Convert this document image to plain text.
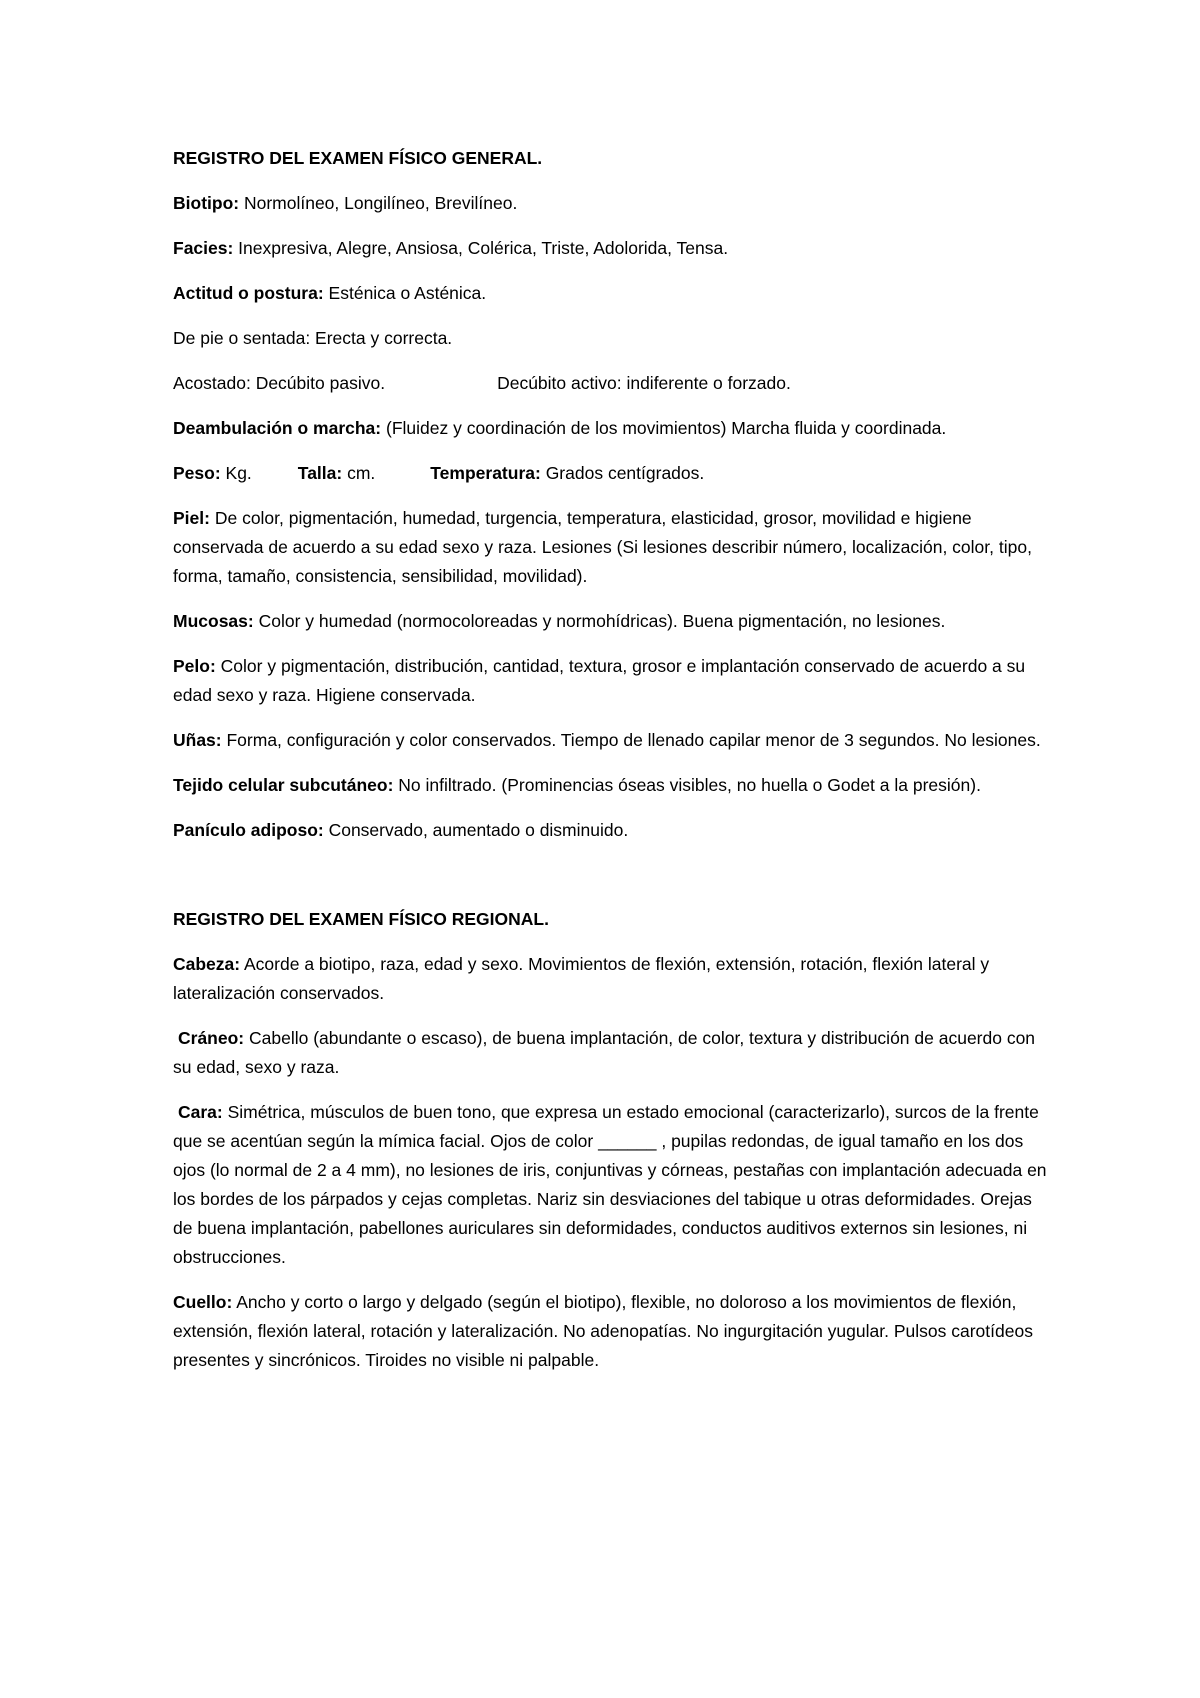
REGISTRO DEL EXAMEN FÍSICO GENERAL.

Biotipo: Normolíneo, Longilíneo, Brevilíneo.

Facies: Inexpresiva, Alegre, Ansiosa, Colérica, Triste, Adolorida, Tensa.

Actitud o postura: Esténica o Asténica.

De pie o sentada: Erecta y correcta.

Acostado: Decúbito pasivo.	Decúbito activo: indiferente o forzado.

Deambulación o marcha: (Fluidez y coordinación de los movimientos) Marcha fluida y coordinada.

Peso: Kg.	Talla: cm.	Temperatura: Grados centígrados.

Piel: De color, pigmentación, humedad, turgencia, temperatura, elasticidad, grosor, movilidad e higiene conservada de acuerdo a su edad sexo y raza. Lesiones (Si lesiones describir número, localización, color, tipo, forma, tamaño, consistencia, sensibilidad, movilidad).

Mucosas: Color y humedad (normocoloreadas y normohídricas). Buena pigmentación, no lesiones.

Pelo: Color y pigmentación, distribución, cantidad, textura, grosor e implantación conservado de acuerdo a su edad sexo y raza. Higiene conservada.

Uñas: Forma, configuración y color conservados. Tiempo de llenado capilar menor de 3 segundos. No lesiones.

Tejido celular subcutáneo: No infiltrado. (Prominencias óseas visibles, no huella o Godet a la presión).

Panículo adiposo: Conservado, aumentado o disminuido.

REGISTRO DEL EXAMEN FÍSICO REGIONAL.

Cabeza: Acorde a biotipo, raza, edad y sexo. Movimientos de flexión, extensión, rotación, flexión lateral y lateralización conservados.

Cráneo: Cabello (abundante o escaso), de buena implantación, de color, textura y distribución de acuerdo con su edad, sexo y raza.

Cara: Simétrica, músculos de buen tono, que expresa un estado emocional (caracterizarlo), surcos de la frente que se acentúan según la mímica facial. Ojos de color ______ , pupilas redondas, de igual tamaño en los dos ojos (lo normal de 2 a 4 mm), no lesiones de iris, conjuntivas y córneas, pestañas con implantación adecuada en los bordes de los párpados y cejas completas. Nariz sin desviaciones del tabique u otras deformidades. Orejas de buena implantación, pabellones auriculares sin deformidades, conductos auditivos externos sin lesiones, ni obstrucciones.

Cuello: Ancho y corto o largo y delgado (según el biotipo), flexible, no doloroso a los movimientos de flexión, extensión, flexión lateral, rotación y lateralización. No adenopatías. No ingurgitación yugular. Pulsos carotídeos presentes y sincrónicos. Tiroides no visible ni palpable.
